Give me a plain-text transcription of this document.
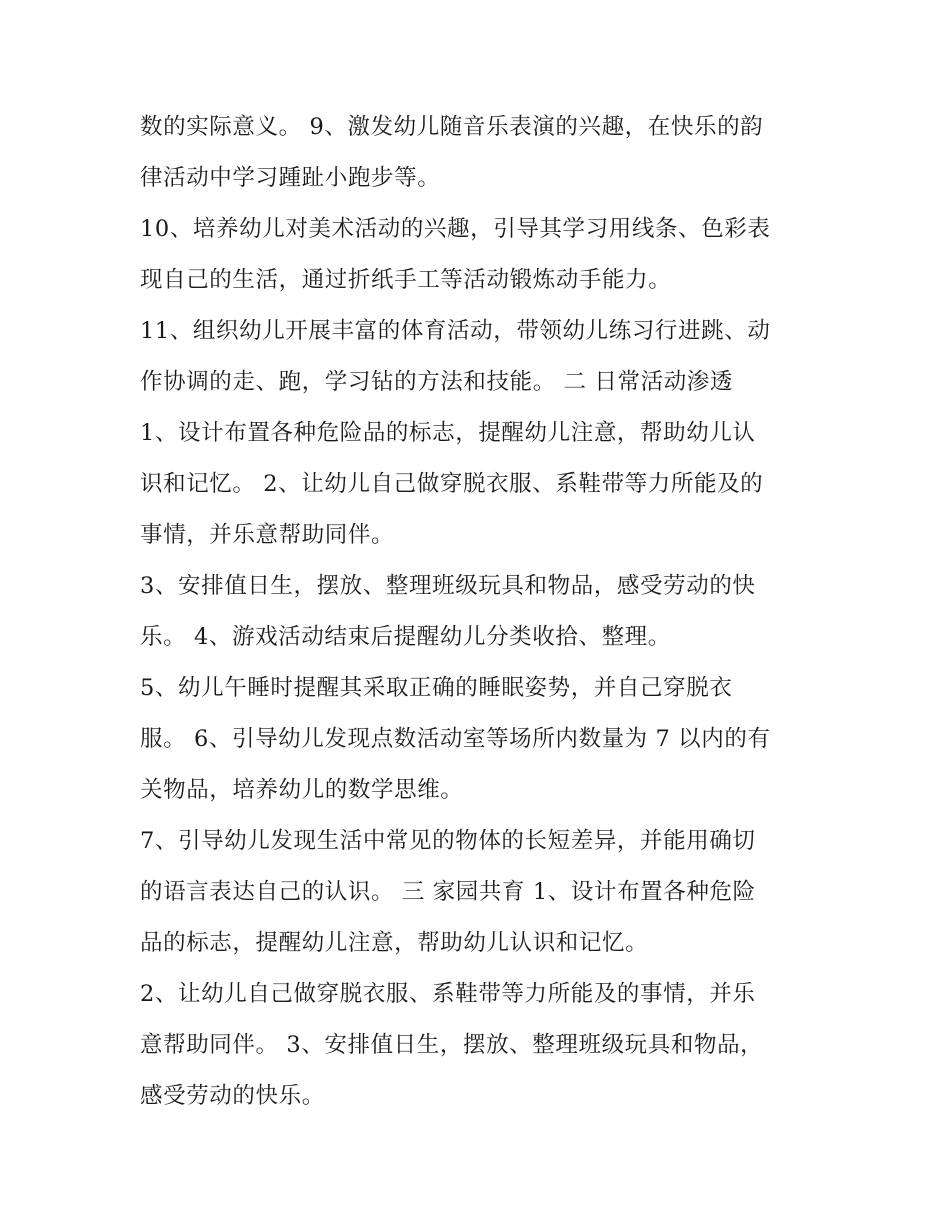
数的实际意义。 9、激发幼儿随音乐表演的兴趣，在快乐的韵
律活动中学习踵趾小跑步等。
10、培养幼儿对美术活动的兴趣，引导其学习用线条、色彩表
现自己的生活，通过折纸手工等活动锻炼动手能力。
11、组织幼儿开展丰富的体育活动，带领幼儿练习行进跳、动
作协调的走、跑，学习钻的方法和技能。 二 日常活动渗透
1、设计布置各种危险品的标志，提醒幼儿注意，帮助幼儿认
识和记忆。 2、让幼儿自己做穿脱衣服、系鞋带等力所能及的
事情，并乐意帮助同伴。
3、安排值日生，摆放、整理班级玩具和物品，感受劳动的快
乐。 4、游戏活动结束后提醒幼儿分类收拾、整理。
5、幼儿午睡时提醒其采取正确的睡眠姿势，并自己穿脱衣
服。 6、引导幼儿发现点数活动室等场所内数量为 7 以内的有
关物品，培养幼儿的数学思维。
7、引导幼儿发现生活中常见的物体的长短差异，并能用确切
的语言表达自己的认识。 三 家园共育 1、设计布置各种危险
品的标志，提醒幼儿注意，帮助幼儿认识和记忆。
2、让幼儿自己做穿脱衣服、系鞋带等力所能及的事情，并乐
意帮助同伴。 3、安排值日生，摆放、整理班级玩具和物品，
感受劳动的快乐。
